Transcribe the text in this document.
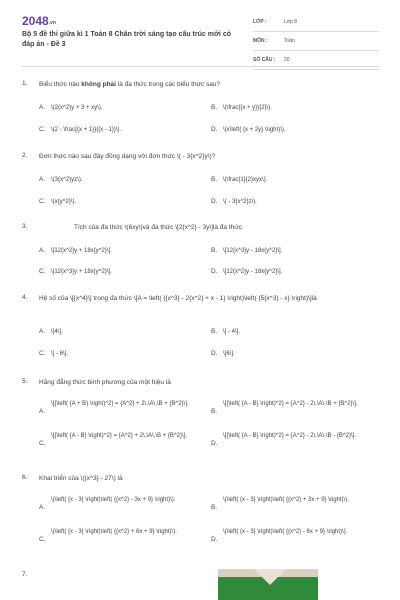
2048.vn
Bộ 5 đề thi giữa kì 1 Toán 8 Chân trời sáng tạo cấu trúc mới có đáp án - Đề 3
LỚP :	Lớp 8
MÔN :	Toán
SỐ CÂU : 20
1. Biểu thức nào không phải là đa thức trong các biểu thức sau?
A. \(2{x^2}y + 3 + xy\).	B. \(\frac{{x + y}}{2}\).
C. \(2 - \frac{{x + 1}}{{x - 1}}\).	D. \(x\left( {x + 2y} \right)\).
2. Đơn thức nào sau đây đồng dạng với đơn thức \( - 3{x^2}y\)?
A. \(3{x^2}yz\).	B. \(\frac{1}{2}xyx\).
C. \(x{y^2}\).	D. \( - 3{x^2}z\).
3.	Tích của đa thức \(6xy\)và đa thức \[2{x^2} - 3y\]là đa thức
A. \[12{x^2}y + 18x{y^2}\].	B. \[12{x^3}y - 18x{y^2}\].
C. \[12{x^3}y + 18x{y^2}\].	D. \[12{x^2}y - 18x{y^2}\].
4. Hệ số của \[{x^4}\] trong đa thức \[A = \left( {{x^3} - 2{x^2} + x - 1} \right)\left( {5{x^3} - x} \right)\]là
A. \[4\].	B. \[ - 4\].
C. \[ - 6\].	D. \[6\].
5. Hằng đẳng thức bình phương của một hiệu là
A.
\[{\left( {A + B} \right)^2} = {A^2} + 2\,\A\,\B + {B^2}\].
B.
\[{\left( {A - B} \right)^2} = {A^2} - 2\,\A\,\B + {B^2}\].
C.
\[{\left( {A - B} \right)^2} = {A^2} + 2\,\A\,\B + {B^2}\].
D.
\[{\left( {A - B} \right)^2} = {A^2} - 2\,\A\,\B - {B^2}\].
6. Khai triển của \({x^3} - 27\) là
A.
\(\left( {x - 3} \right)\left( {{x^2} - 3x + 9} \right)\).
B.
\(\left( {x - 3} \right)\left( {{x^2} + 3x + 9} \right)\).
C.
\(\left( {x - 3} \right)\left( {{x^2} + 6x + 9} \right)\).
D.
\(\left( {x - 3} \right)\left( {{x^2} - 6x + 9} \right)\).
7.
